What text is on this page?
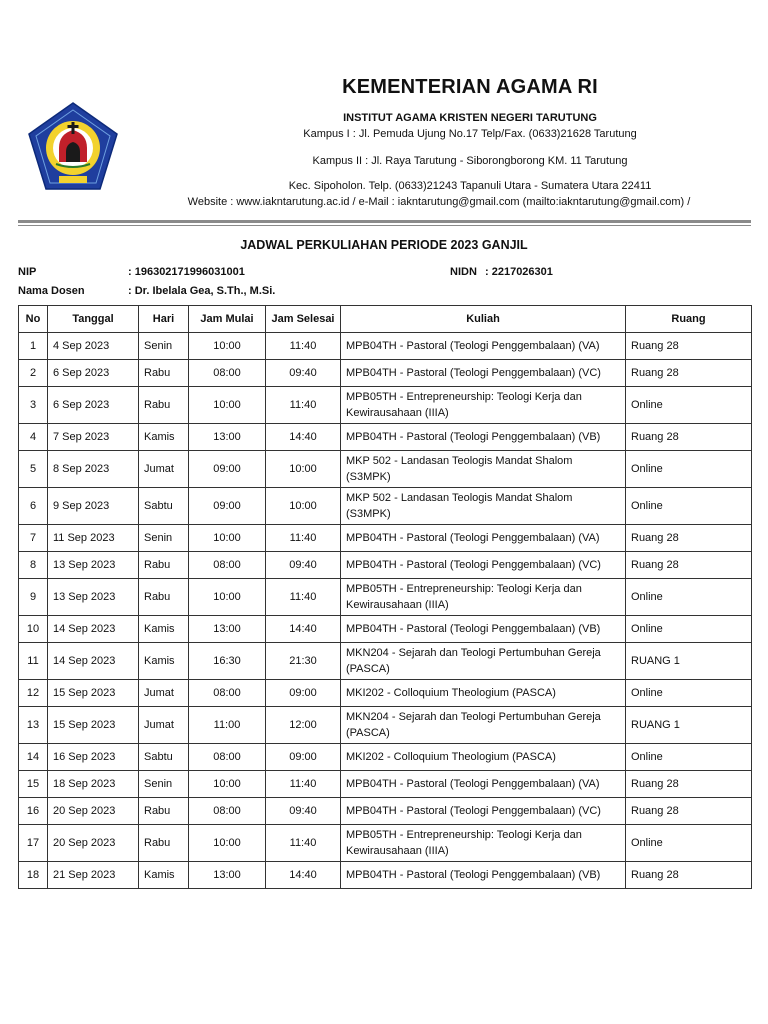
KEMENTERIAN AGAMA RI
INSTITUT AGAMA KRISTEN NEGERI TARUTUNG
Kampus I : Jl. Pemuda Ujung No.17 Telp/Fax. (0633)21628 Tarutung
Kampus II : Jl. Raya Tarutung - Siborongborong KM. 11 Tarutung
Kec. Sipoholon. Telp. (0633)21243 Tapanuli Utara - Sumatera Utara 22411
Website : www.iakntarutung.ac.id / e-Mail : iakntarutung@gmail.com (mailto:iakntarutung@gmail.com) /
JADWAL PERKULIAHAN PERIODE 2023 GANJIL
NIP	: 196302171996031001	NIDN : 2217026301
Nama Dosen	: Dr. Ibelala Gea, S.Th., M.Si.
No	Tanggal	Hari	Jam Mulai	Jam Selesai	Kuliah	Ruang
1	4 Sep 2023	Senin	10:00	11:40	MPB04TH - Pastoral (Teologi Penggembalaan) (VA)	Ruang 28
2	6 Sep 2023	Rabu	08:00	09:40	MPB04TH - Pastoral (Teologi Penggembalaan) (VC)	Ruang 28
3	6 Sep 2023	Rabu	10:00	11:40	MPB05TH - Entrepreneurship: Teologi Kerja dan Kewirausahaan (IIIA)	Online
4	7 Sep 2023	Kamis	13:00	14:40	MPB04TH - Pastoral (Teologi Penggembalaan) (VB)	Ruang 28
5	8 Sep 2023	Jumat	09:00	10:00	MKP 502 - Landasan Teologis Mandat Shalom (S3MPK)	Online
6	9 Sep 2023	Sabtu	09:00	10:00	MKP 502 - Landasan Teologis Mandat Shalom (S3MPK)	Online
7	11 Sep 2023	Senin	10:00	11:40	MPB04TH - Pastoral (Teologi Penggembalaan) (VA)	Ruang 28
8	13 Sep 2023	Rabu	08:00	09:40	MPB04TH - Pastoral (Teologi Penggembalaan) (VC)	Ruang 28
9	13 Sep 2023	Rabu	10:00	11:40	MPB05TH - Entrepreneurship: Teologi Kerja dan Kewirausahaan (IIIA)	Online
10	14 Sep 2023	Kamis	13:00	14:40	MPB04TH - Pastoral (Teologi Penggembalaan) (VB)	Online
11	14 Sep 2023	Kamis	16:30	21:30	MKN204 - Sejarah dan Teologi Pertumbuhan Gereja (PASCA)	RUANG 1
12	15 Sep 2023	Jumat	08:00	09:00	MKI202 - Colloquium Theologium (PASCA)	Online
13	15 Sep 2023	Jumat	11:00	12:00	MKN204 - Sejarah dan Teologi Pertumbuhan Gereja (PASCA)	RUANG 1
14	16 Sep 2023	Sabtu	08:00	09:00	MKI202 - Colloquium Theologium (PASCA)	Online
15	18 Sep 2023	Senin	10:00	11:40	MPB04TH - Pastoral (Teologi Penggembalaan) (VA)	Ruang 28
16	20 Sep 2023	Rabu	08:00	09:40	MPB04TH - Pastoral (Teologi Penggembalaan) (VC)	Ruang 28
17	20 Sep 2023	Rabu	10:00	11:40	MPB05TH - Entrepreneurship: Teologi Kerja dan Kewirausahaan (IIIA)	Online
18	21 Sep 2023	Kamis	13:00	14:40	MPB04TH - Pastoral (Teologi Penggembalaan) (VB)	Ruang 28
